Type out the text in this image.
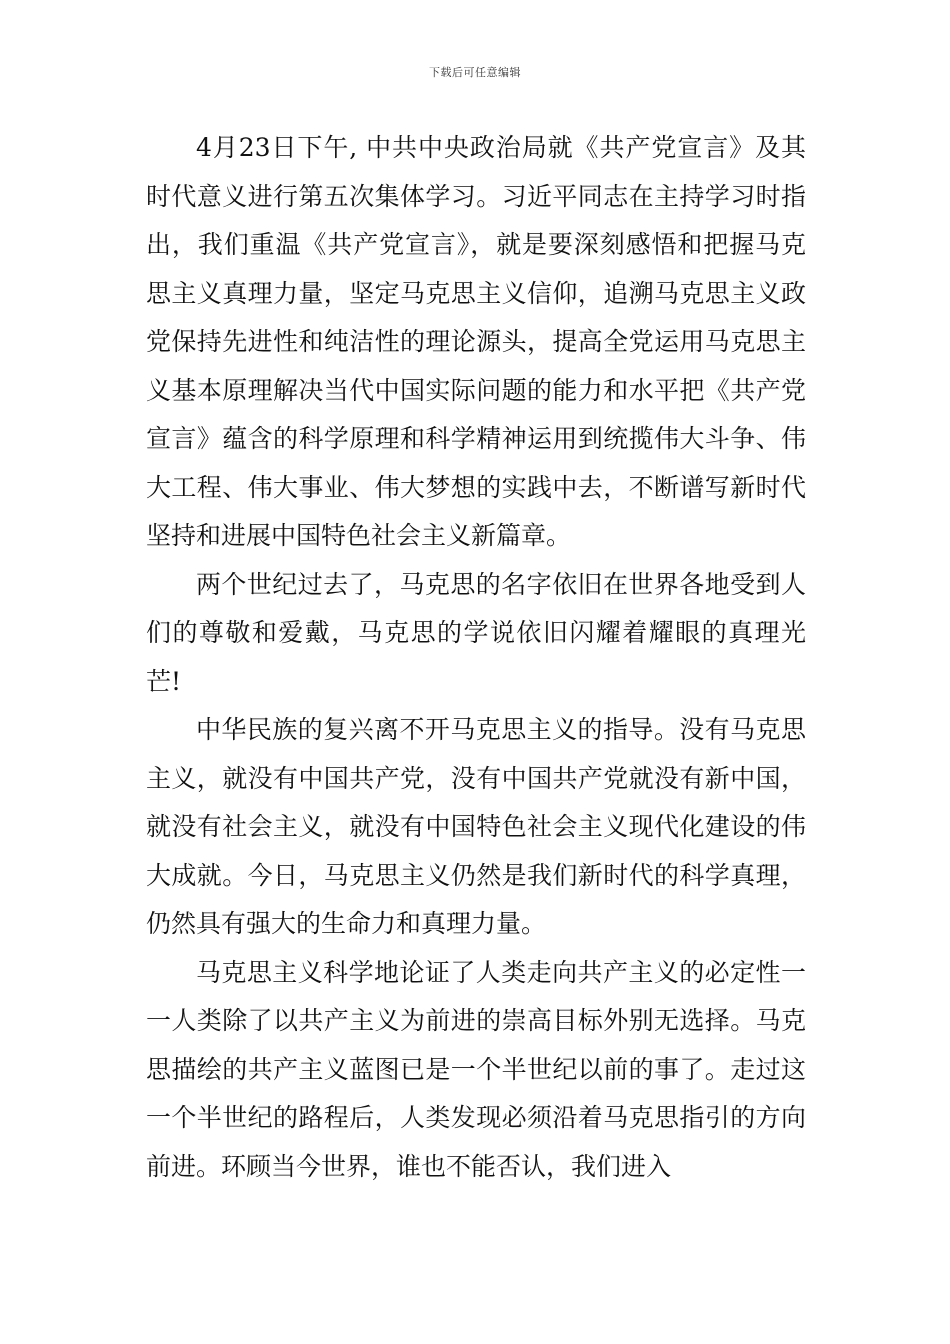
下载后可任意编辑

4月23日下午, 中共中央政治局就《共产党宣言》及其时代意义进行第五次集体学习。习近平同志在主持学习时指出，我们重温《共产党宣言》，就是要深刻感悟和把握马克思主义真理力量，坚定马克思主义信仰，追溯马克思主义政党保持先进性和纯洁性的理论源头，提高全党运用马克思主义基本原理解决当代中国实际问题的能力和水平把《共产党宣言》蕴含的科学原理和科学精神运用到统揽伟大斗争、伟大工程、伟大事业、伟大梦想的实践中去，不断谱写新时代坚持和进展中国特色社会主义新篇章。

两个世纪过去了，马克思的名字依旧在世界各地受到人们的尊敬和爱戴，马克思的学说依旧闪耀着耀眼的真理光芒!

中华民族的复兴离不开马克思主义的指导。没有马克思主义，就没有中国共产党，没有中国共产党就没有新中国，就没有社会主义，就没有中国特色社会主义现代化建设的伟大成就。今日，马克思主义仍然是我们新时代的科学真理，仍然具有强大的生命力和真理力量。

马克思主义科学地论证了人类走向共产主义的必定性一一人类除了以共产主义为前进的崇高目标外别无选择。马克思描绘的共产主义蓝图已是一个半世纪以前的事了。走过这一个半世纪的路程后，人类发现必须沿着马克思指引的方向前进。环顾当今世界，谁也不能否认，我们进入
